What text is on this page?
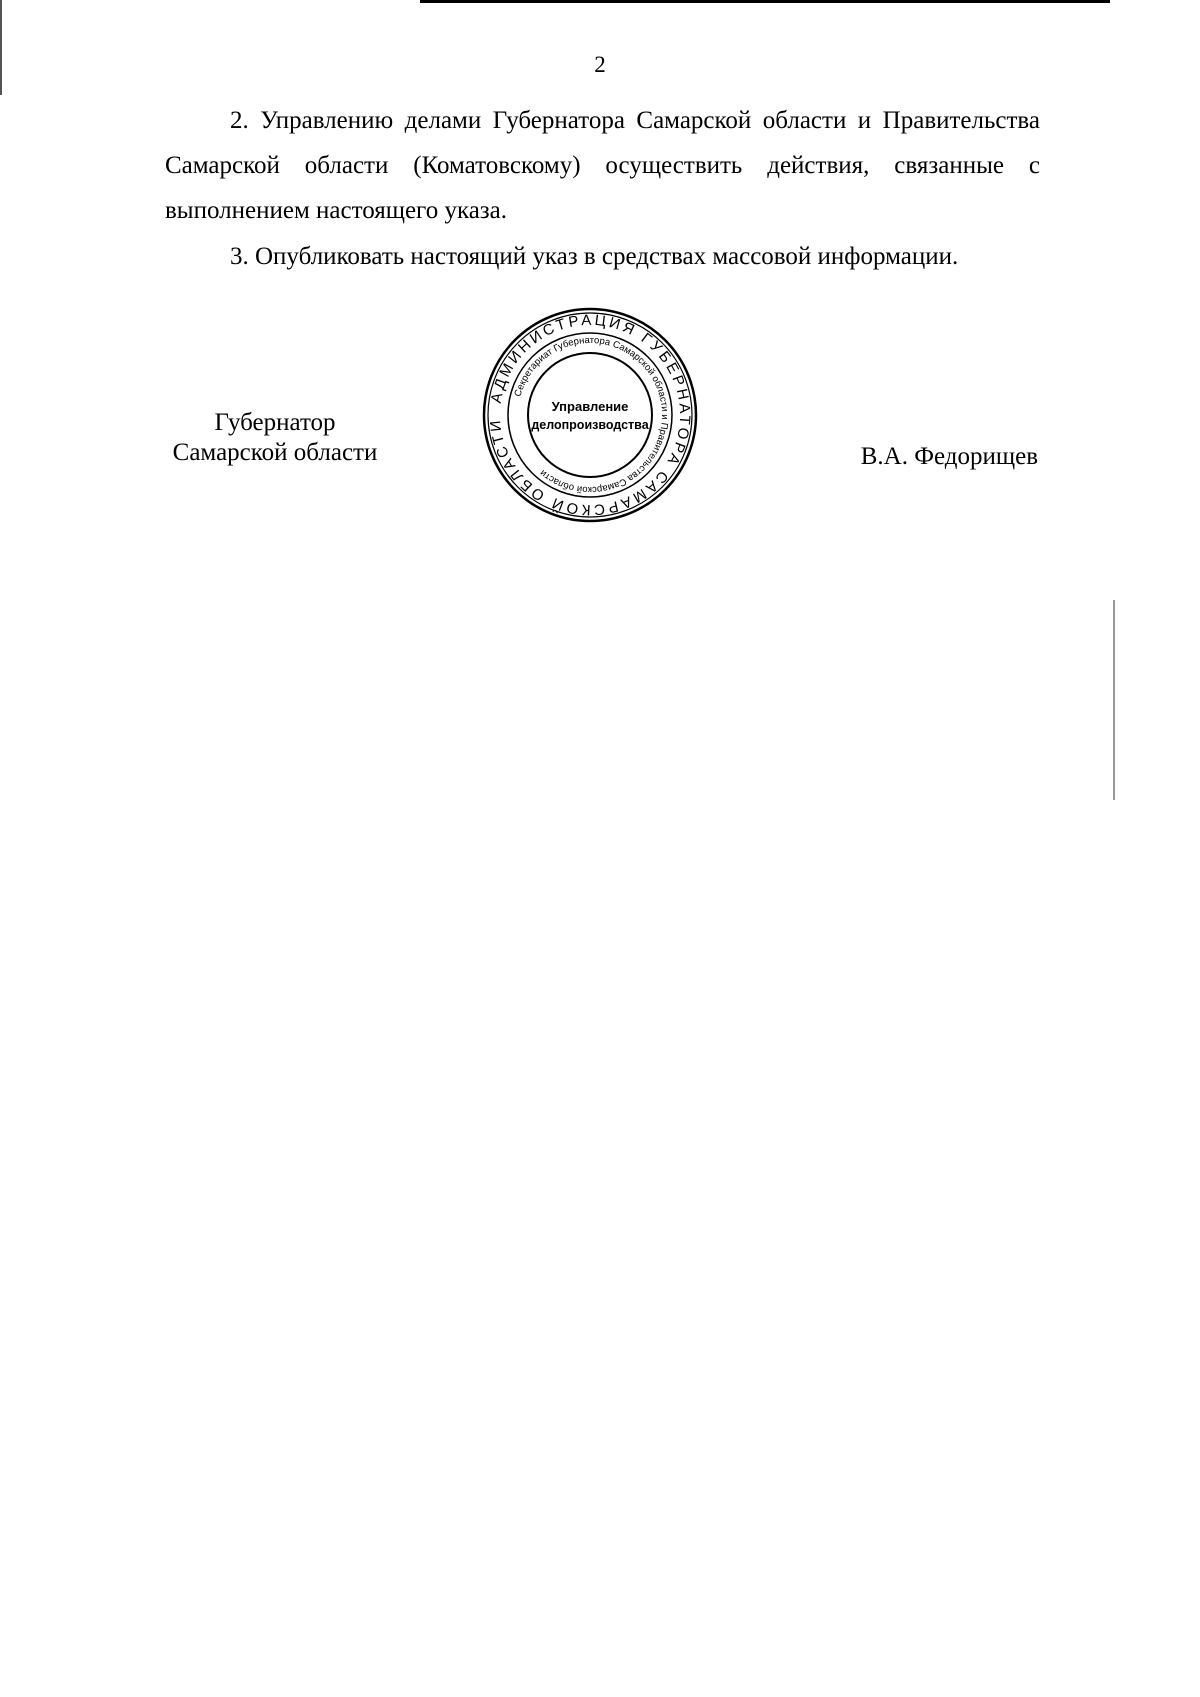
2
2. Управлению делами Губернатора Самарской области и Правительства Самарской области (Коматовскому) осуществить действия, связанные с выполнением настоящего указа.
3. Опубликовать настоящий указ в средствах массовой информации.
Губернатор
Самарской области	В.А. Федорищев
АДМИНИСТРАЦИЯ ГУБЕРНАТОРА САМАРСКОЙ ОБЛАСТИ
Секретариат Губернатора Самарской области и Правительства Самарской области
Управление
делопроизводства
